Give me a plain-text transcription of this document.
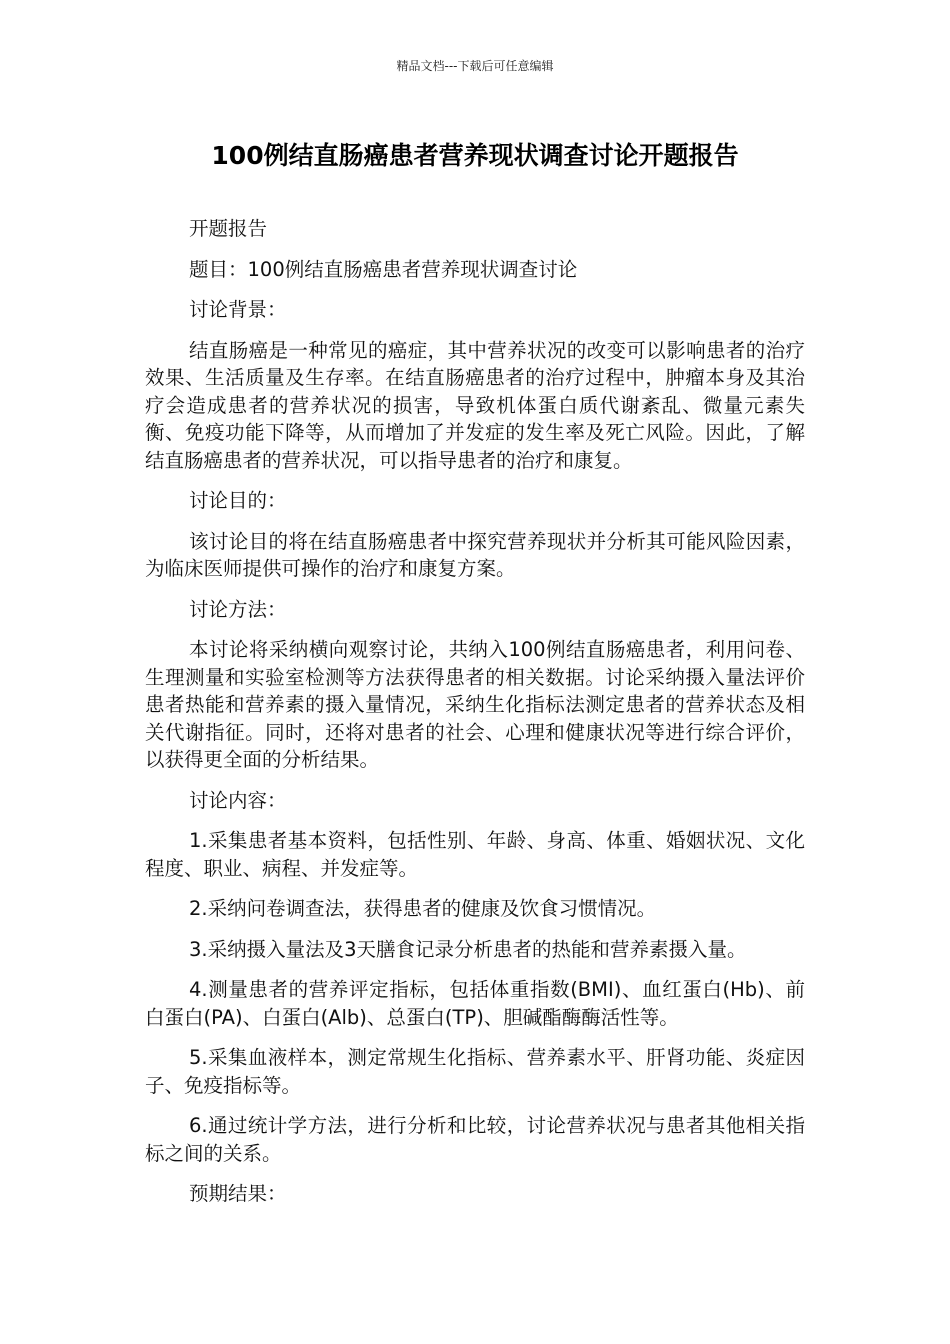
精品文档---下载后可任意编辑
100例结直肠癌患者营养现状调查讨论开题报告

开题报告

题目：100例结直肠癌患者营养现状调查讨论

讨论背景：

结直肠癌是一种常见的癌症，其中营养状况的改变可以影响患者的治疗效果、生活质量及生存率。在结直肠癌患者的治疗过程中，肿瘤本身及其治疗会造成患者的营养状况的损害，导致机体蛋白质代谢紊乱、微量元素失衡、免疫功能下降等，从而增加了并发症的发生率及死亡风险。因此，了解结直肠癌患者的营养状况，可以指导患者的治疗和康复。

讨论目的：

该讨论目的将在结直肠癌患者中探究营养现状并分析其可能风险因素，为临床医师提供可操作的治疗和康复方案。

讨论方法：

本讨论将采纳横向观察讨论，共纳入100例结直肠癌患者，利用问卷、生理测量和实验室检测等方法获得患者的相关数据。讨论采纳摄入量法评价患者热能和营养素的摄入量情况，采纳生化指标法测定患者的营养状态及相关代谢指征。同时，还将对患者的社会、心理和健康状况等进行综合评价，以获得更全面的分析结果。

讨论内容：

1.采集患者基本资料，包括性别、年龄、身高、体重、婚姻状况、文化程度、职业、病程、并发症等。

2.采纳问卷调查法，获得患者的健康及饮食习惯情况。

3.采纳摄入量法及3天膳食记录分析患者的热能和营养素摄入量。

4.测量患者的营养评定指标，包括体重指数(BMI)、血红蛋白(Hb)、前白蛋白(PA)、白蛋白(Alb)、总蛋白(TP)、胆碱酯酶酶活性等。

5.采集血液样本，测定常规生化指标、营养素水平、肝肾功能、炎症因子、免疫指标等。

6.通过统计学方法，进行分析和比较，讨论营养状况与患者其他相关指标之间的关系。

预期结果：
